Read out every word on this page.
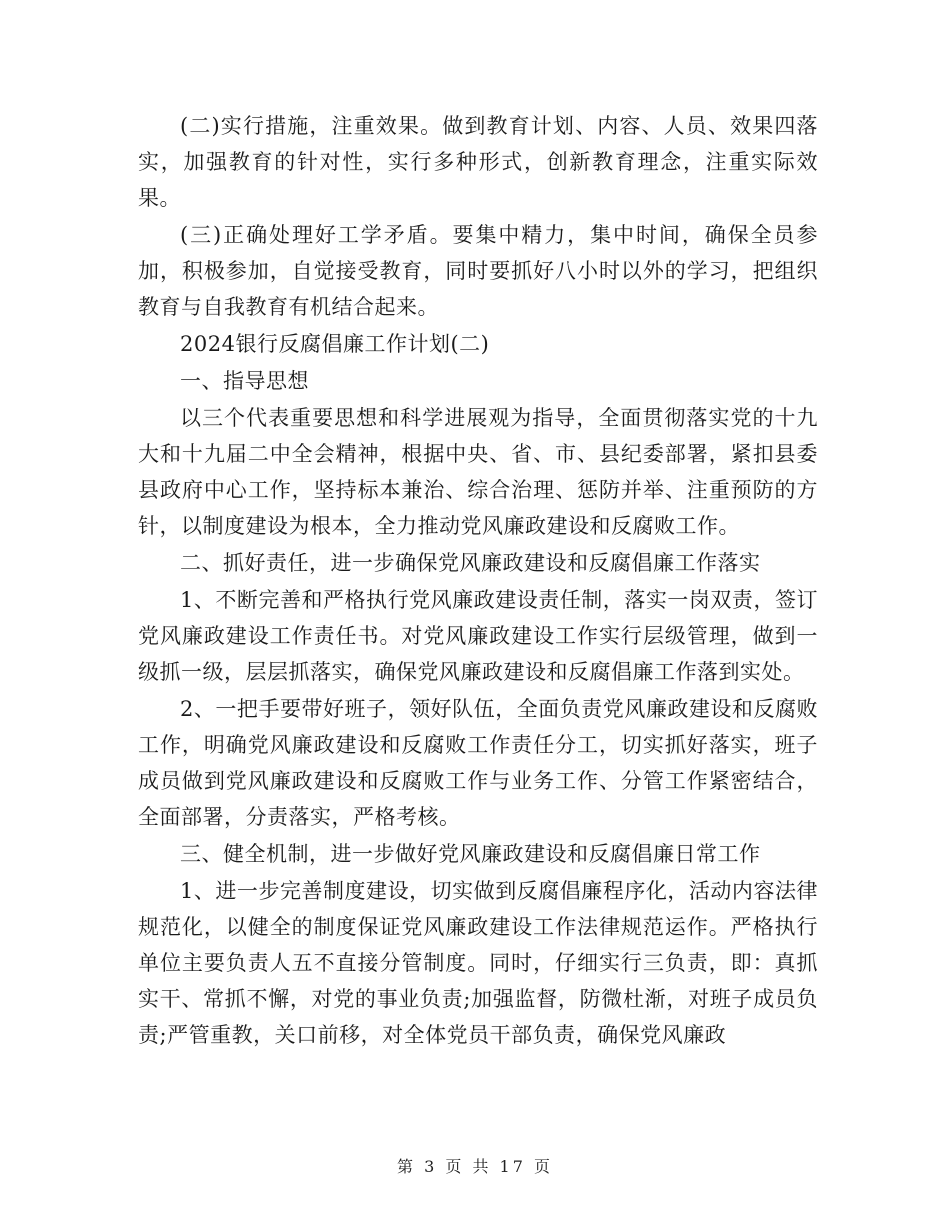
(二)实行措施，注重效果。做到教育计划、内容、人员、效果四落实，加强教育的针对性，实行多种形式，创新教育理念，注重实际效果。

(三)正确处理好工学矛盾。要集中精力，集中时间，确保全员参加，积极参加，自觉接受教育，同时要抓好八小时以外的学习，把组织教育与自我教育有机结合起来。

2024银行反腐倡廉工作计划(二)

一、指导思想

以三个代表重要思想和科学进展观为指导，全面贯彻落实党的十九大和十九届二中全会精神，根据中央、省、市、县纪委部署，紧扣县委县政府中心工作，坚持标本兼治、综合治理、惩防并举、注重预防的方针，以制度建设为根本，全力推动党风廉政建设和反腐败工作。

二、抓好责任，进一步确保党风廉政建设和反腐倡廉工作落实

1、不断完善和严格执行党风廉政建设责任制，落实一岗双责，签订党风廉政建设工作责任书。对党风廉政建设工作实行层级管理，做到一级抓一级，层层抓落实，确保党风廉政建设和反腐倡廉工作落到实处。

2、一把手要带好班子，领好队伍，全面负责党风廉政建设和反腐败工作，明确党风廉政建设和反腐败工作责任分工，切实抓好落实，班子成员做到党风廉政建设和反腐败工作与业务工作、分管工作紧密结合，全面部署，分责落实，严格考核。

三、健全机制，进一步做好党风廉政建设和反腐倡廉日常工作

1、进一步完善制度建设，切实做到反腐倡廉程序化，活动内容法律规范化，以健全的制度保证党风廉政建设工作法律规范运作。严格执行单位主要负责人五不直接分管制度。同时，仔细实行三负责，即：真抓实干、常抓不懈，对党的事业负责;加强监督，防微杜渐，对班子成员负责;严管重教，关口前移，对全体党员干部负责，确保党风廉政

第 3 页 共 17 页
